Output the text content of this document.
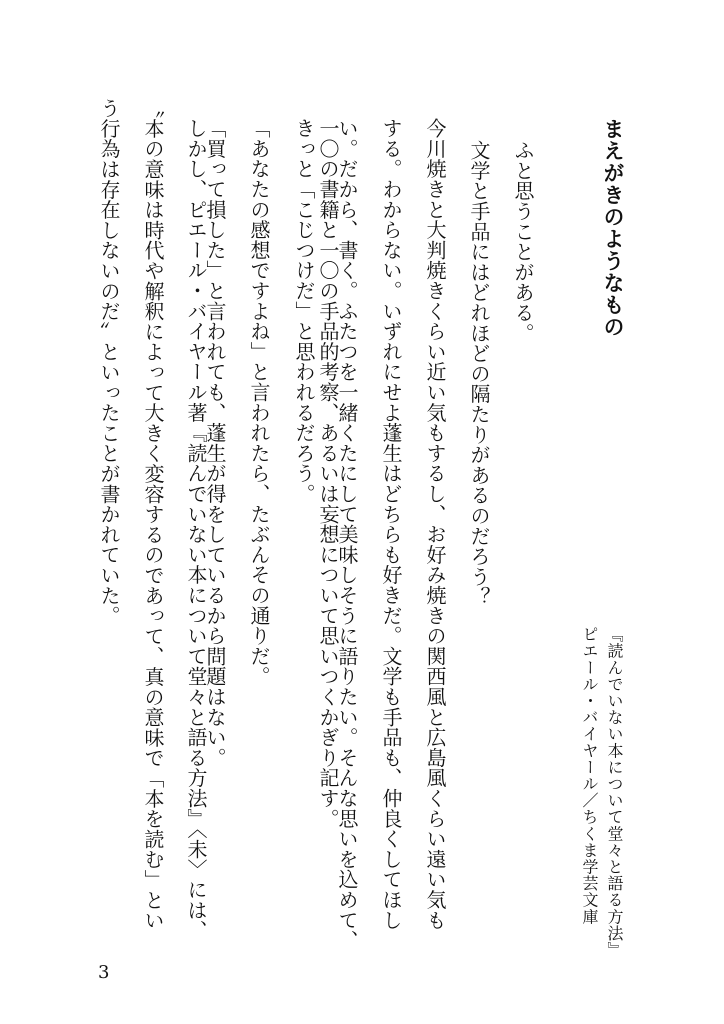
まえがきのようなもの

ふと思うことがある。

文学と手品にはどれほどの隔たりがあるのだろう？

今川焼きと大判焼きくらい近い気もするし、お好み焼きの関西風と広島風くらい遠い気も

する。わからない。いずれにせよ蓬生はどちらも好きだ。文学も手品も、仲良くしてほし

い。だから、書く。ふたつを一緒くたにして美味しそうに語りたい。そんな思いを込めて、

一〇の書籍と一〇の手品的考察、あるいは妄想について思いつくかぎり記す。

きっと「こじつけだ」と思われるだろう。

「あなたの感想ですよね」と言われたら、たぶんその通りだ。

「買って損した」と言われても、蓬生が得をしているから問題はない。

しかし、ピエール・バイヤール著『読んでいない本について堂々と語る方法』〈未〉には、

〝本の意味は時代や解釈によって大きく変容するのであって、真の意味で「本を読む」とい

う行為は存在しないのだ〟といったことが書かれていた。

『読んでいない本について堂々と語る方法』
ピエール・バイヤール／ちくま学芸文庫
3
